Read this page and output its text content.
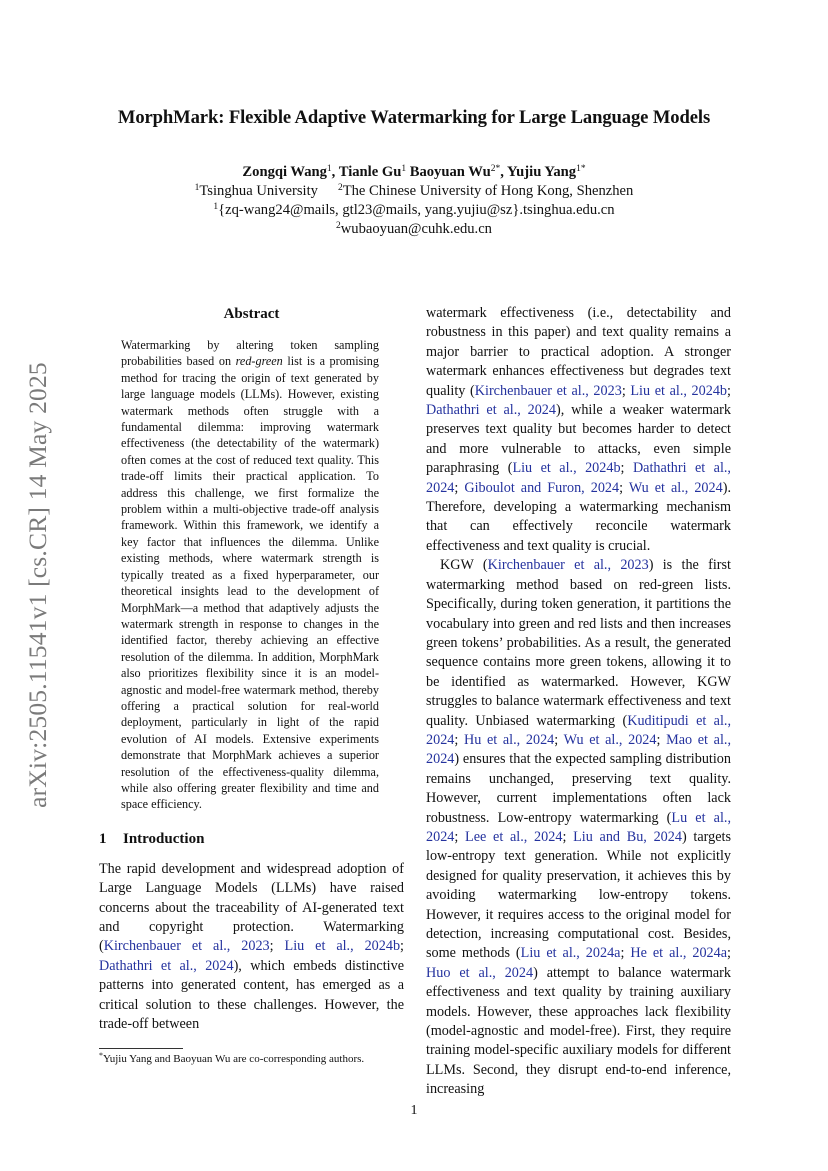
arXiv:2505.11541v1 [cs.CR] 14 May 2025
MorphMark: Flexible Adaptive Watermarking for Large Language Models
Zongqi Wang$^1$, Tianle Gu$^1$ Baoyuan $Wu^{2*}$, Yujiu Yang$^{1*}$
$^1$Tsinghua University $^2$The Chinese University of Hong Kong, Shenzhen
$^1${zq-wang24@mails, gtl23@mails, yang.yujiu@sz}.tsinghua.edu.cn
$^2$wubaoyuan@cuhk.edu.cn
Abstract

Watermarking by altering token sampling probabilities based on red-green list is a promising method for tracing the origin of text generated by large language models (LLMs). However, existing watermark methods often struggle with a fundamental dilemma: improving watermark effectiveness (the detectability of the watermark) often comes at the cost of reduced text quality. This trade-off limits their practical application. To address this challenge, we first formalize the problem within a multi-objective trade-off analysis framework. Within this framework, we identify a key factor that influences the dilemma. Unlike existing methods, where watermark strength is typically treated as a fixed hyperparameter, our theoretical insights lead to the development of MorphMark—a method that adaptively adjusts the watermark strength in response to changes in the identified factor, thereby achieving an effective resolution of the dilemma. In addition, MorphMark also prioritizes flexibility since it is an model-agnostic and model-free watermark method, thereby offering a practical solution for real-world deployment, particularly in light of the rapid evolution of AI models. Extensive experiments demonstrate that MorphMark achieves a superior resolution of the effectiveness-quality dilemma, while also offering greater flexibility and time and space efficiency.

1 Introduction

The rapid development and widespread adoption of Large Language Models (LLMs) have raised concerns about the traceability of AI-generated text and copyright protection. Watermarking (Kirchenbauer et al., 2023; Liu et al., 2024b; Dathathri et al., 2024), which embeds distinctive patterns into generated content, has emerged as a critical solution to these challenges. However, the trade-off between

watermark effectiveness (i.e., detectability and robustness in this paper) and text quality remains a major barrier to practical adoption. A stronger watermark enhances effectiveness but degrades text quality (Kirchenbauer et al., 2023; Liu et al., 2024b; Dathathri et al., 2024), while a weaker watermark preserves text quality but becomes harder to detect and more vulnerable to attacks, even simple paraphrasing (Liu et al., 2024b; Dathathri et al., 2024; Giboulot and Furon, 2024; Wu et al., 2024). Therefore, developing a watermarking mechanism that can effectively reconcile watermark effectiveness and text quality is crucial.

KGW (Kirchenbauer et al., 2023) is the first watermarking method based on red-green lists. Specifically, during token generation, it partitions the vocabulary into green and red lists and then increases green tokens’ probabilities. As a result, the generated sequence contains more green tokens, allowing it to be identified as watermarked. However, KGW struggles to balance watermark effectiveness and text quality. Unbiased watermarking (Kuditipudi et al., 2024; Hu et al., 2024; Wu et al., 2024; Mao et al., 2024) ensures that the expected sampling distribution remains unchanged, preserving text quality. However, current implementations often lack robustness. Low-entropy watermarking (Lu et al., 2024; Lee et al., 2024; Liu and Bu, 2024) targets low-entropy text generation. While not explicitly designed for quality preservation, it achieves this by avoiding watermarking low-entropy tokens. However, it requires access to the original model for detection, increasing computational cost. Besides, some methods (Liu et al., 2024a; He et al., 2024a; Huo et al., 2024) attempt to balance watermark effectiveness and text quality by training auxiliary models. However, these approaches lack flexibility (model-agnostic and model-free). First, they require training model-specific auxiliary models for different LLMs. Second, they disrupt end-to-end inference, increasing

*Yujiu Yang and Baoyuan Wu are co-corresponding authors.
1
